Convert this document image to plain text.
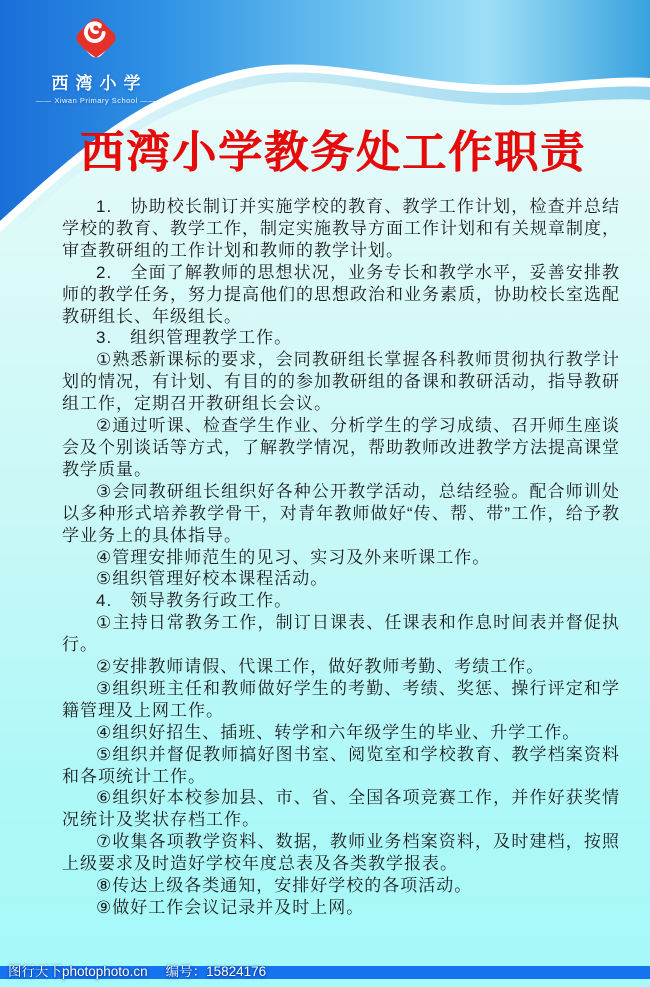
西湾小学
—— Xiwan Primary School ——
西湾小学教务处工作职责

1.　协助校长制订并实施学校的教育、教学工作计划，检查并总结学校的教育、教学工作，制定实施教导方面工作计划和有关规章制度，审查教研组的工作计划和教师的教学计划。

2.　全面了解教师的思想状况，业务专长和教学水平，妥善安排教师的教学任务，努力提高他们的思想政治和业务素质，协助校长室选配教研组长、年级组长。

3.　组织管理教学工作。

①熟悉新课标的要求，会同教研组长掌握各科教师贯彻执行教学计划的情况，有计划、有目的的参加教研组的备课和教研活动，指导教研组工作，定期召开教研组长会议。

②通过听课、检查学生作业、分析学生的学习成绩、召开师生座谈会及个别谈话等方式，了解教学情况，帮助教师改进教学方法提高课堂教学质量。

③会同教研组长组织好各种公开教学活动，总结经验。配合师训处以多种形式培养教学骨干，对青年教师做好“传、帮、带”工作，给予教学业务上的具体指导。

④管理安排师范生的见习、实习及外来听课工作。

⑤组织管理好校本课程活动。

4.　领导教务行政工作。

①主持日常教务工作，制订日课表、任课表和作息时间表并督促执行。

②安排教师请假、代课工作，做好教师考勤、考绩工作。

③组织班主任和教师做好学生的考勤、考绩、奖惩、操行评定和学籍管理及上网工作。

④组织好招生、插班、转学和六年级学生的毕业、升学工作。

⑤组织并督促教师搞好图书室、阅览室和学校教育、教学档案资料和各项统计工作。

⑥组织好本校参加县、市、省、全国各项竞赛工作，并作好获奖情况统计及奖状存档工作。

⑦收集各项教学资料、数据，教师业务档案资料，及时建档，按照上级要求及时造好学校年度总表及各类教学报表。

⑧传达上级各类通知，安排好学校的各项活动。

⑨做好工作会议记录并及时上网。

图行天下photophoto.cn 编号：15824176
